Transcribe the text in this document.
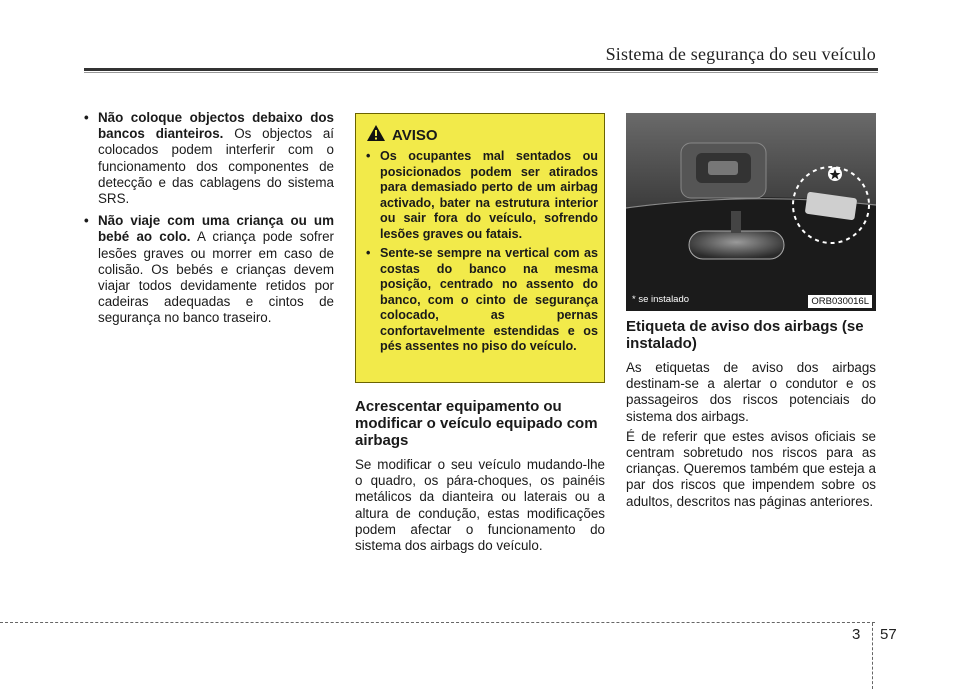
Sistema de segurança do seu veículo
• Não coloque objectos debaixo dos bancos dianteiros. Os objectos aí colocados podem interferir com o funcionamento dos componentes de detecção e das cablagens do sistema SRS.
• Não viaje com uma criança ou um bebé ao colo. A criança pode sofrer lesões graves ou morrer em caso de colisão. Os bebés e crianças devem viajar todos devidamente retidos por cadeiras adequadas e cintos de segurança no banco traseiro.
AVISO
• Os ocupantes mal sentados ou posicionados podem ser atirados para demasiado perto de um airbag activado, bater na estrutura interior ou sair fora do veículo, sofrendo lesões graves ou fatais.
• Sente-se sempre na vertical com as costas do banco na mesma posição, centrado no assento do banco, com o cinto de segurança colocado, as pernas confortavelmente estendidas e os pés assentes no piso do veículo.
Acrescentar equipamento ou modificar o veículo equipado com airbags
Se modificar o seu veículo mudando-lhe o quadro, os pára-choques, os painéis metálicos da dianteira ou laterais ou a altura de condução, estas modificações podem afectar o funcionamento do sistema dos airbags do veículo.
* se instalado	ORB030016L
Etiqueta de aviso dos airbags (se instalado)

As etiquetas de aviso dos airbags destinam-se a alertar o condutor e os passageiros dos riscos potenciais do sistema dos airbags.

É de referir que estes avisos oficiais se centram sobretudo nos riscos para as crianças. Queremos também que esteja a par dos riscos que impendem sobre os adultos, descritos nas páginas anteriores.

3 57
